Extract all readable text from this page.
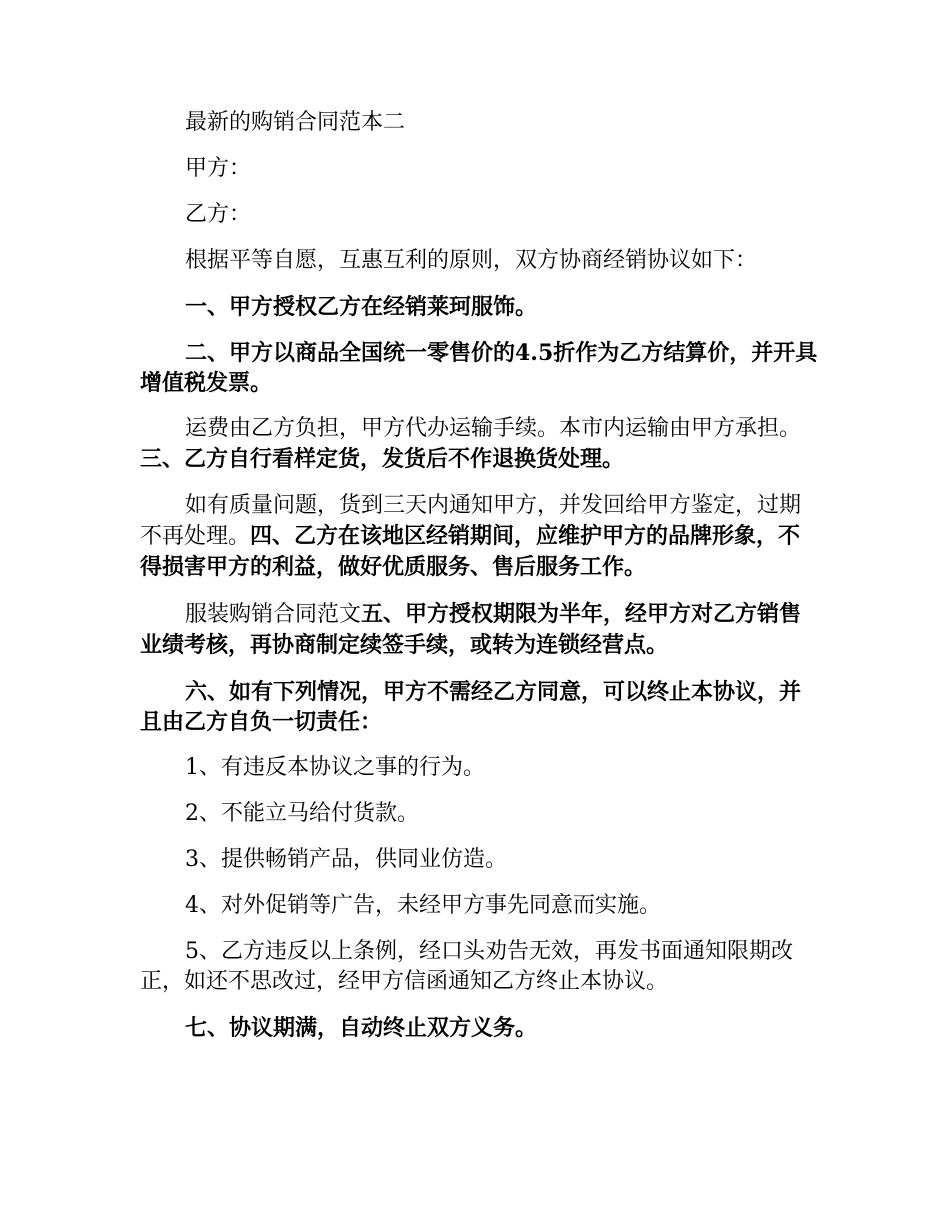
最新的购销合同范本二

甲方：

乙方：

根据平等自愿，互惠互利的原则，双方协商经销协议如下：

一、甲方授权乙方在经销莱珂服饰。

二、甲方以商品全国统一零售价的4.5折作为乙方结算价，并开具增值税发票。

运费由乙方负担，甲方代办运输手续。本市内运输由甲方承担。三、乙方自行看样定货，发货后不作退换货处理。

如有质量问题，货到三天内通知甲方，并发回给甲方鉴定，过期不再处理。四、乙方在该地区经销期间，应维护甲方的品牌形象，不得损害甲方的利益，做好优质服务、售后服务工作。

服装购销合同范文五、甲方授权期限为半年，经甲方对乙方销售业绩考核，再协商制定续签手续，或转为连锁经营点。

六、如有下列情况，甲方不需经乙方同意，可以终止本协议，并且由乙方自负一切责任：

1、有违反本协议之事的行为。

2、不能立马给付货款。

3、提供畅销产品，供同业仿造。

4、对外促销等广告，未经甲方事先同意而实施。

5、乙方违反以上条例，经口头劝告无效，再发书面通知限期改正，如还不思改过，经甲方信函通知乙方终止本协议。

七、协议期满，自动终止双方义务。
